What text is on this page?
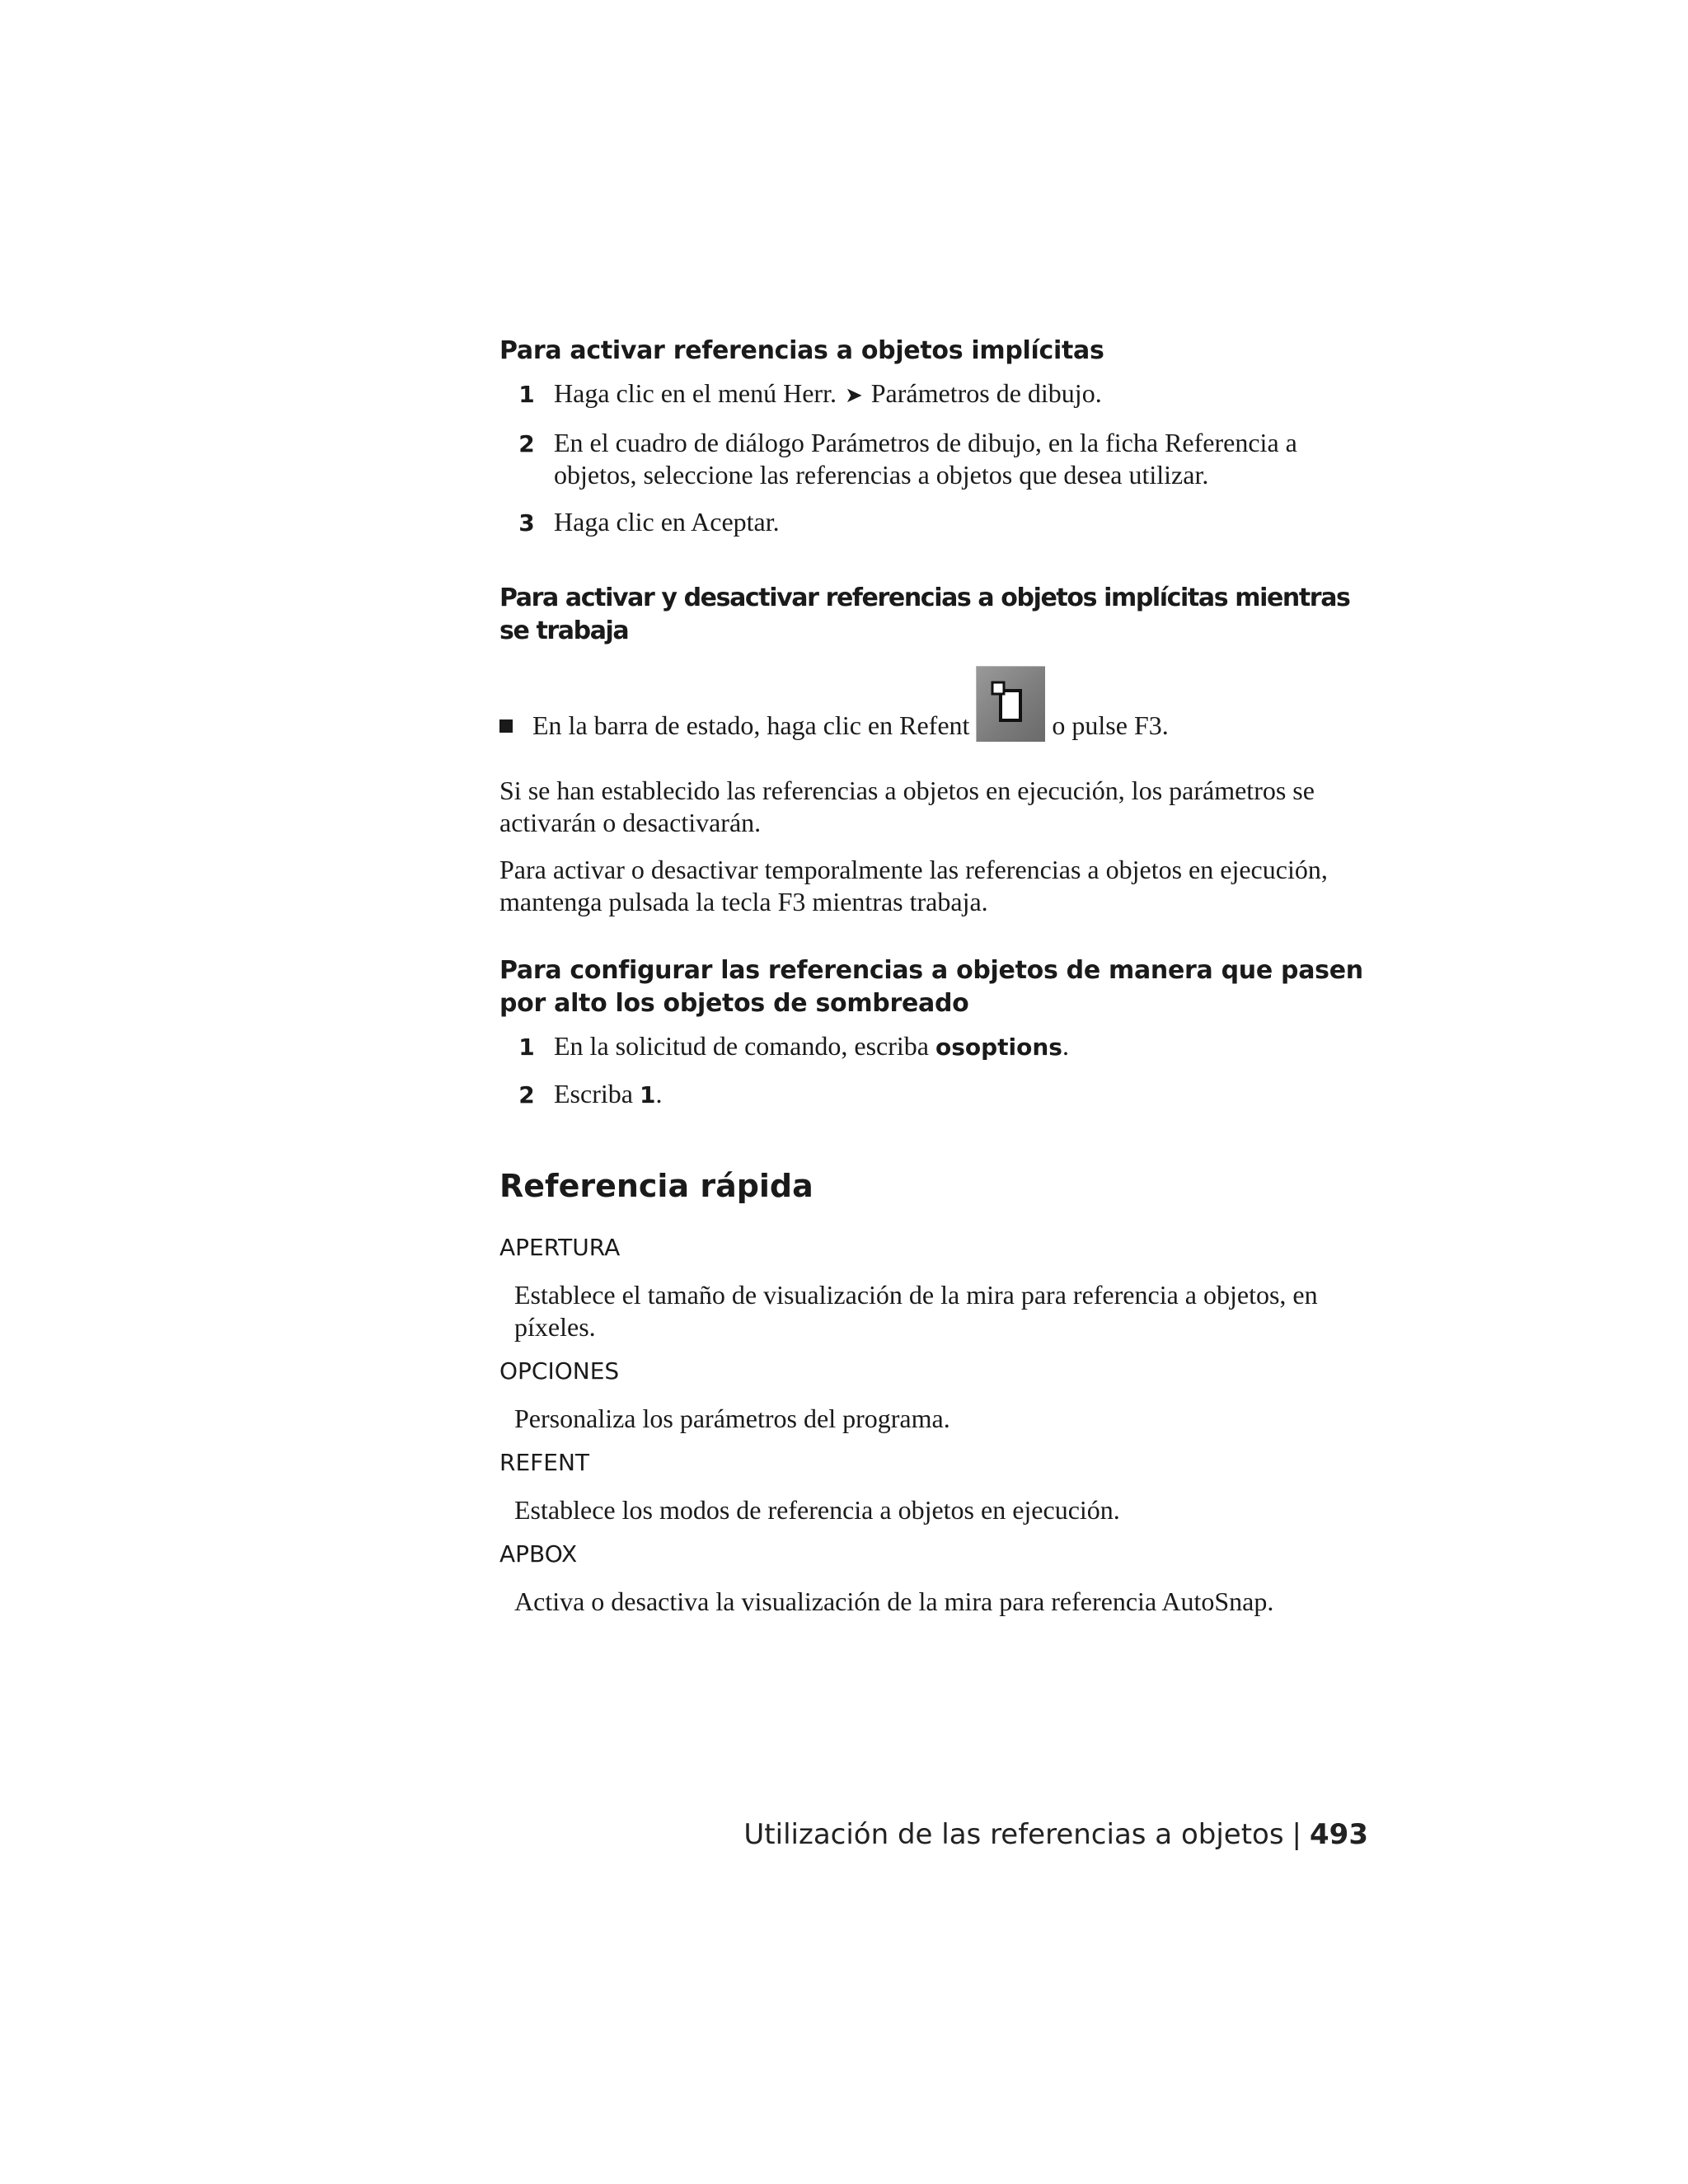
Para activar referencias a objetos implícitas
1 Haga clic en el menú Herr. ➤ Parámetros de dibujo.
2 En el cuadro de diálogo Parámetros de dibujo, en la ficha Referencia a objetos, seleccione las referencias a objetos que desea utilizar.
3 Haga clic en Aceptar.
Para activar y desactivar referencias a objetos implícitas mientras se trabaja
En la barra de estado, haga clic en Refent	o pulse F3.

Si se han establecido las referencias a objetos en ejecución, los parámetros se activarán o desactivarán.

Para activar o desactivar temporalmente las referencias a objetos en ejecución, mantenga pulsada la tecla F3 mientras trabaja.

Para configurar las referencias a objetos de manera que pasen por alto los objetos de sombreado
1 En la solicitud de comando, escriba osoptions.
2 Escriba 1.
Referencia rápida

APERTURA

Establece el tamaño de visualización de la mira para referencia a objetos, en píxeles.

OPCIONES

Personaliza los parámetros del programa.

REFENT

Establece los modos de referencia a objetos en ejecución.

APBOX

Activa o desactiva la visualización de la mira para referencia AutoSnap.

Utilización de las referencias a objetos | 493
